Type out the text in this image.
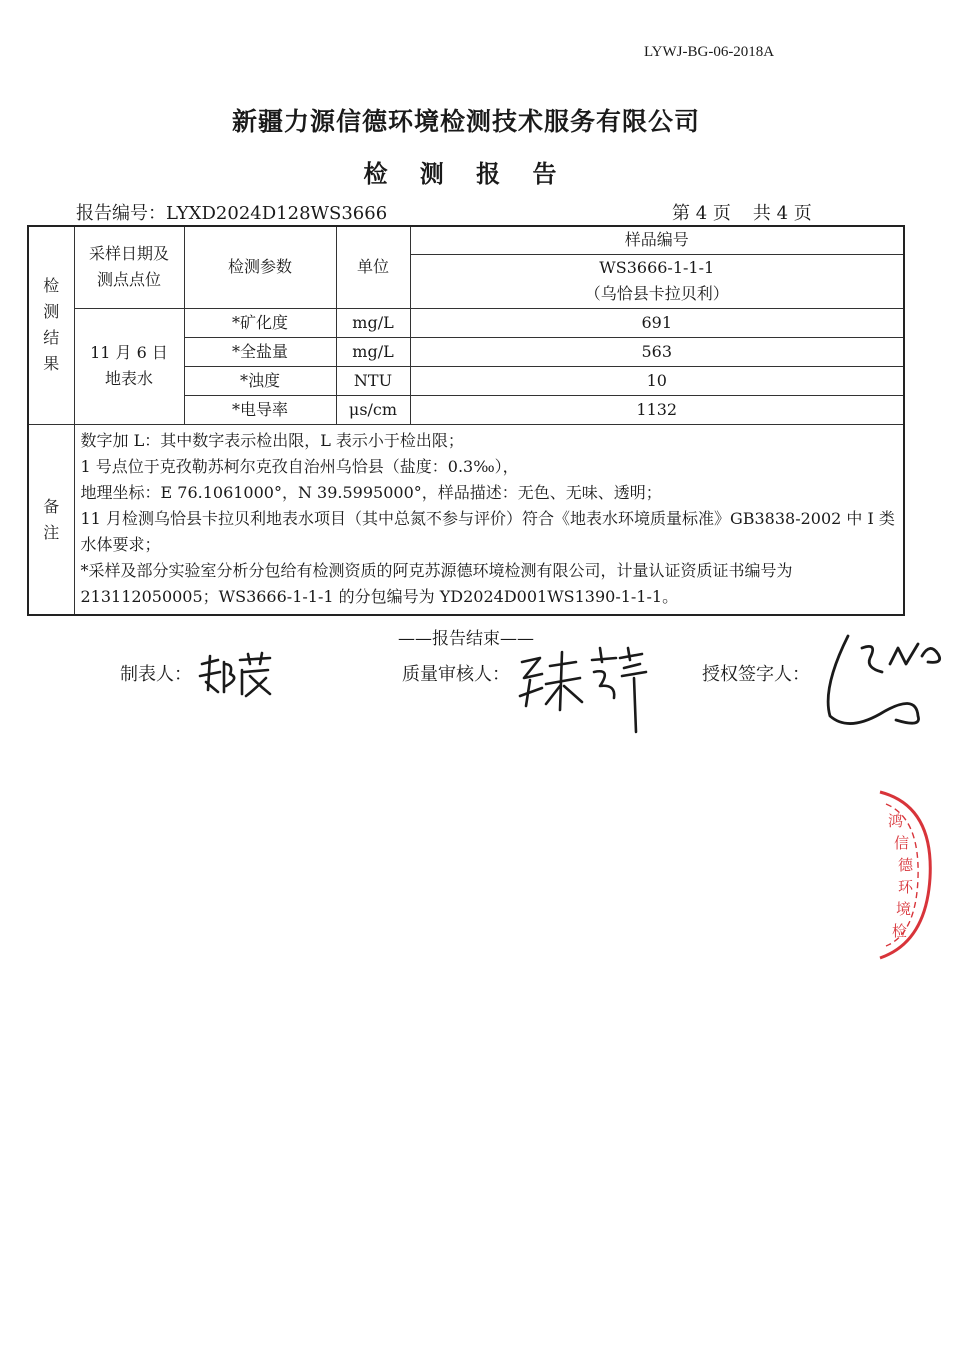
LYWJ-BG-06-2018A
新疆力源信德环境检测技术服务有限公司
检 测 报 告
报告编号：LYXD2024D128WS3666	第 4 页 共 4 页
检
测
结
果	采样日期及测点点位	检测参数	单位	样品编号

				WS3666-1-1-1
（乌恰县卡拉贝利）

	11 月 6 日
地表水	*矿化度	mg/L	691
		*全盐量	mg/L	563
		*浊度	NTU	10
		*电导率	μs/cm	1132
备
注

数字加 L：其中数字表示检出限，L 表示小于检出限；
1 号点位于克孜勒苏柯尔克孜自治州乌恰县（盐度：0.3‰），
地理坐标：E 76.1061000°，N 39.5995000°，样品描述：无色、无味、透明；
11 月检测乌恰县卡拉贝利地表水项目（其中总氮不参与评价）符合《地表水环境质量标准》GB3838-2002 中 I 类水体要求；
*采样及部分实验室分析分包给有检测资质的阿克苏源德环境检测有限公司，计量认证资质证书编号为 213112050005；WS3666-1-1-1 的分包编号为 YD2024D001WS1390-1-1-1。
——报告结束——
制表人：	质量审核人：	授权签字人：
鸿
信
德
环
境
检
